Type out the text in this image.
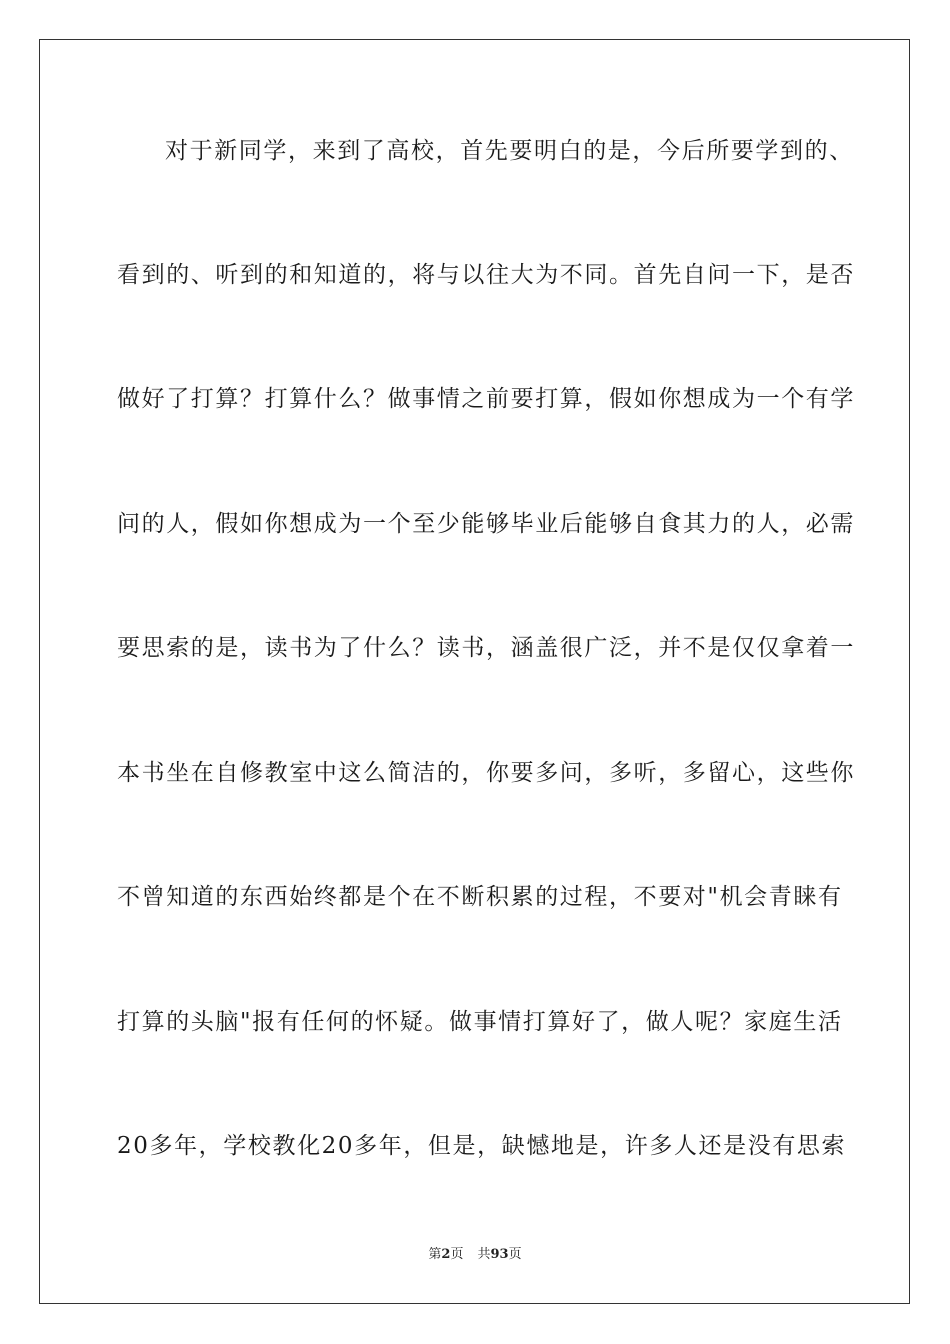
对于新同学，来到了高校，首先要明白的是，今后所要学到的、
看到的、听到的和知道的，将与以往大为不同。首先自问一下，是否
做好了打算？打算什么？做事情之前要打算，假如你想成为一个有学
问的人，假如你想成为一个至少能够毕业后能够自食其力的人，必需
要思索的是，读书为了什么？读书，涵盖很广泛，并不是仅仅拿着一
本书坐在自修教室中这么简洁的，你要多问，多听，多留心，这些你
不曾知道的东西始终都是个在不断积累的过程，不要对"机会青睐有
打算的头脑"报有任何的怀疑。做事情打算好了，做人呢？家庭生活
20多年，学校教化20多年，但是，缺憾地是，许多人还是没有思索
第2页 共93页
